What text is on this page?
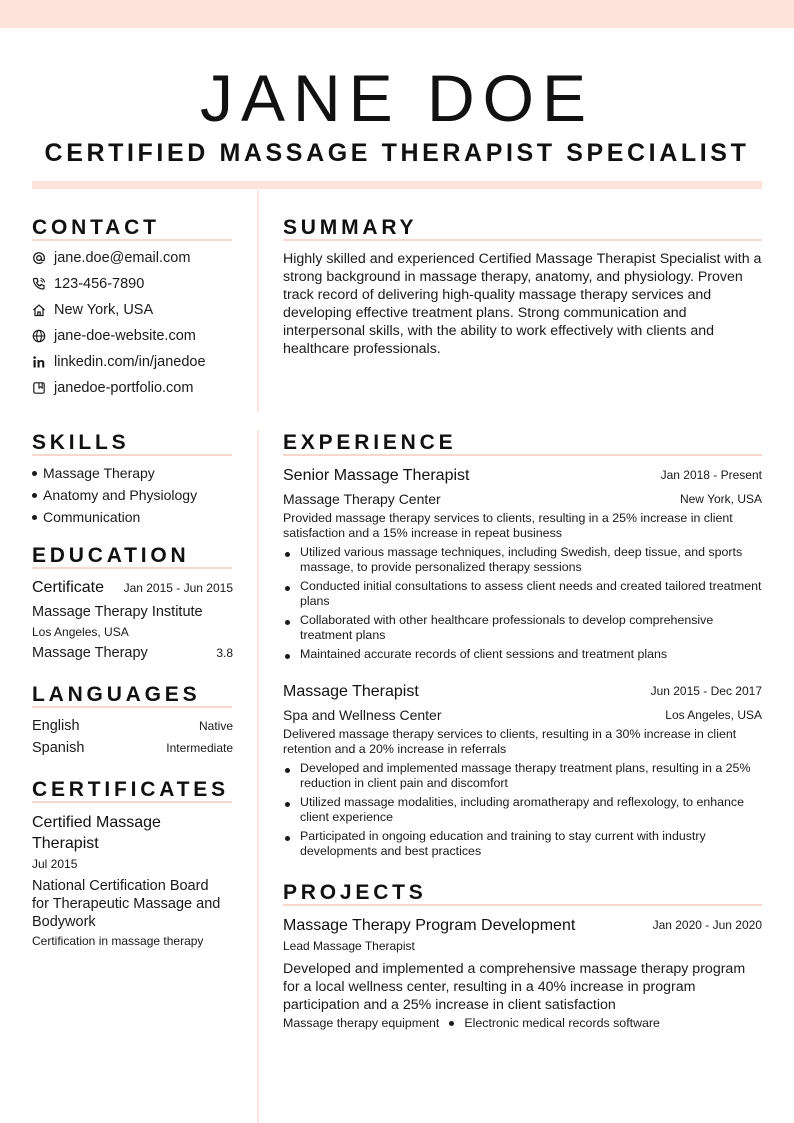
JANE DOE
CERTIFIED MASSAGE THERAPIST SPECIALIST
CONTACT
jane.doe@email.com
123-456-7890
New York, USA
jane-doe-website.com
linkedin.com/in/janedoe
janedoe-portfolio.com
SKILLS
Massage Therapy
Anatomy and Physiology
Communication
EDUCATION
Certificate	Jan 2015 - Jun 2015
Massage Therapy Institute
Los Angeles, USA
Massage Therapy	3.8
LANGUAGES
English	Native
Spanish	Intermediate
CERTIFICATES
Certified Massage
Therapist
Jul 2015
National Certification Board
for Therapeutic Massage and
Bodywork
Certification in massage therapy
SUMMARY
Highly skilled and experienced Certified Massage Therapist Specialist with a strong background in massage therapy, anatomy, and physiology. Proven track record of delivering high-quality massage therapy services and developing effective treatment plans. Strong communication and interpersonal skills, with the ability to work effectively with clients and healthcare professionals.
EXPERIENCE
Senior Massage Therapist	Jan 2018 - Present
Massage Therapy Center	New York, USA
Provided massage therapy services to clients, resulting in a 25% increase in client satisfaction and a 15% increase in repeat business
Utilized various massage techniques, including Swedish, deep tissue, and sports massage, to provide personalized therapy sessions
Conducted initial consultations to assess client needs and created tailored treatment plans
Collaborated with other healthcare professionals to develop comprehensive treatment plans
Maintained accurate records of client sessions and treatment plans
Massage Therapist	Jun 2015 - Dec 2017
Spa and Wellness Center	Los Angeles, USA
Delivered massage therapy services to clients, resulting in a 30% increase in client retention and a 20% increase in referrals
Developed and implemented massage therapy treatment plans, resulting in a 25% reduction in client pain and discomfort
Utilized massage modalities, including aromatherapy and reflexology, to enhance client experience
Participated in ongoing education and training to stay current with industry developments and best practices
PROJECTS
Massage Therapy Program Development	Jan 2020 - Jun 2020
Lead Massage Therapist
Developed and implemented a comprehensive massage therapy program for a local wellness center, resulting in a 40% increase in program participation and a 25% increase in client satisfaction
Massage therapy equipment Electronic medical records software
